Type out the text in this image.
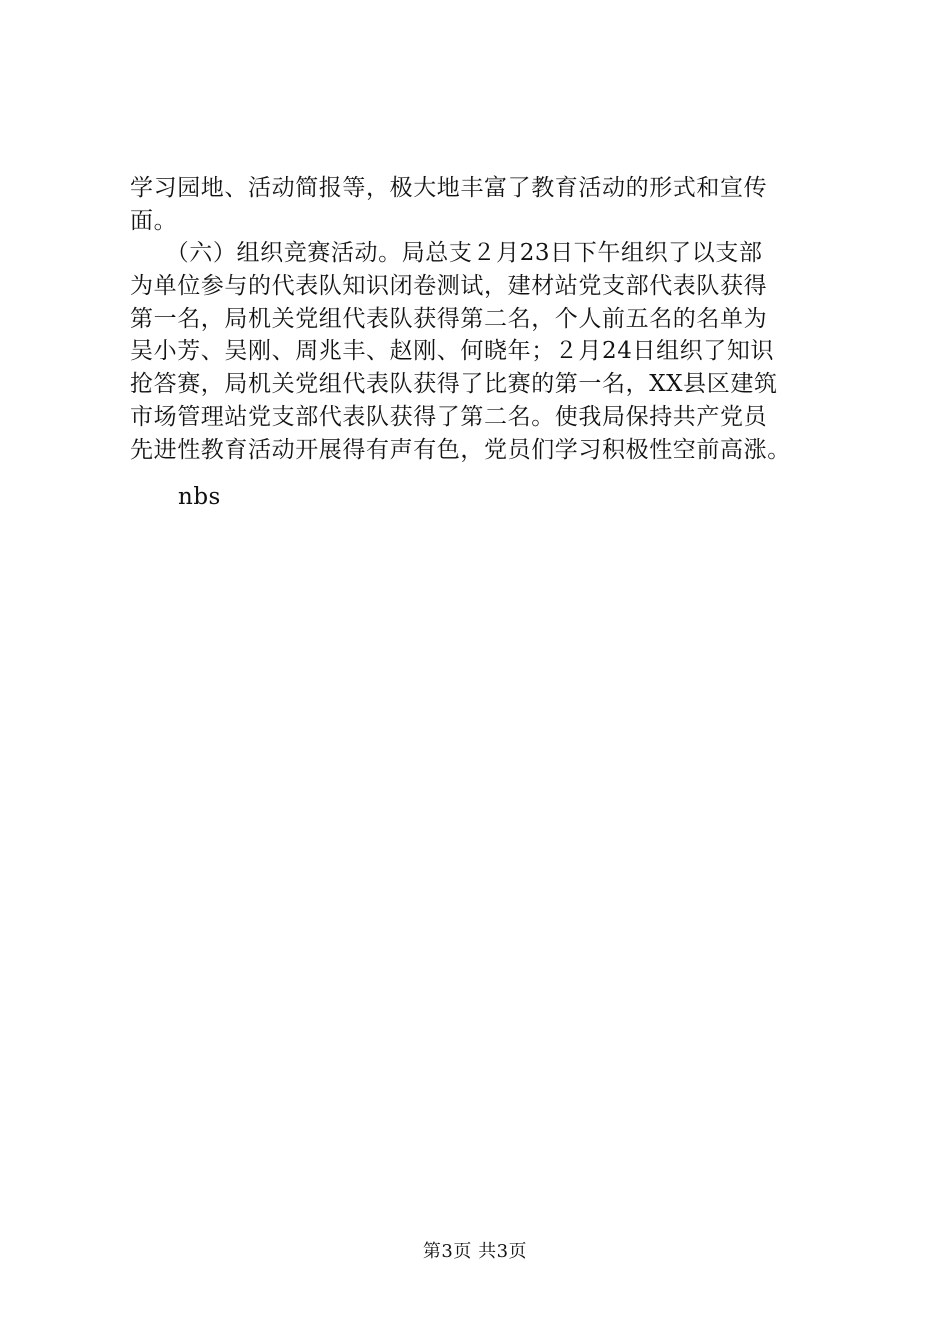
学习园地、活动简报等，极大地丰富了教育活动的形式和宣传
面。
　　（六）组织竞赛活动。局总支２月23日下午组织了以支部
为单位参与的代表队知识闭卷测试，建材站党支部代表队获得
第一名，局机关党组代表队获得第二名，个人前五名的名单为
吴小芳、吴刚、周兆丰、赵刚、何晓年；２月24日组织了知识
抢答赛，局机关党组代表队获得了比赛的第一名，XX县区建筑
市场管理站党支部代表队获得了第二名。使我局保持共产党员
先进性教育活动开展得有声有色，党员们学习积极性空前高涨。
nbs
第3页 共3页
